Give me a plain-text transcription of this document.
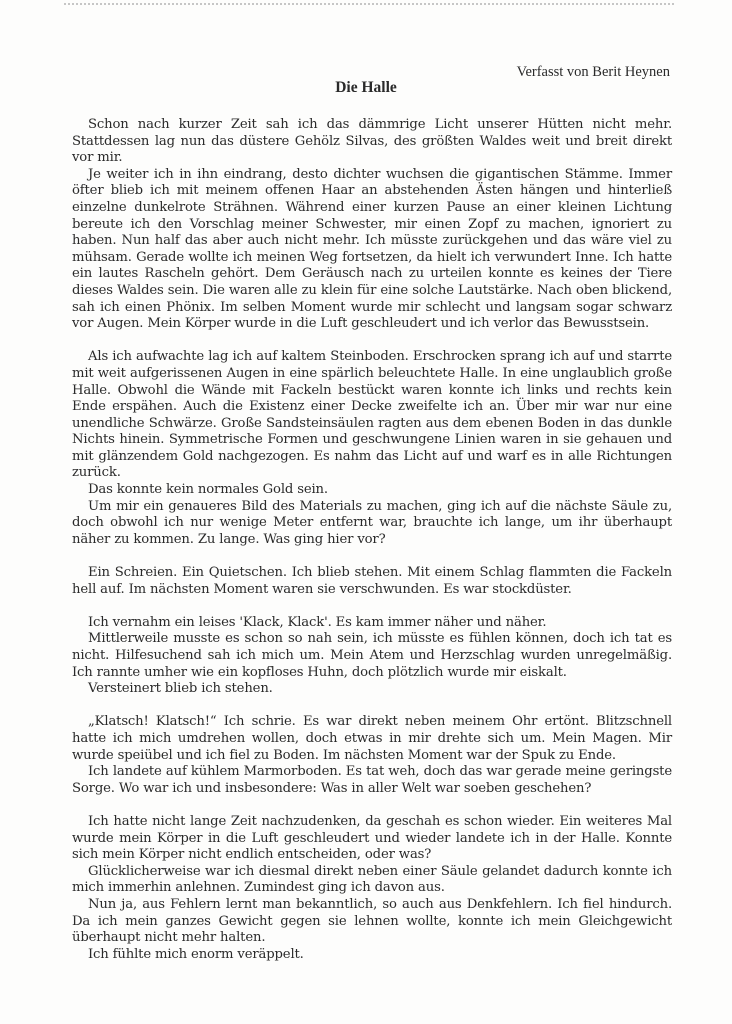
Verfasst von Berit Heynen
Die Halle

Schon nach kurzer Zeit sah ich das dämmrige Licht unserer Hütten nicht mehr. Stattdessen lag nun das düstere Gehölz Silvas, des größten Waldes weit und breit direkt vor mir.

Je weiter ich in ihn eindrang, desto dichter wuchsen die gigantischen Stämme. Immer öfter blieb ich mit meinem offenen Haar an abstehenden Ästen hängen und hinterließ einzelne dunkelrote Strähnen. Während einer kurzen Pause an einer kleinen Lichtung bereute ich den Vorschlag meiner Schwester, mir einen Zopf zu machen, ignoriert zu haben. Nun half das aber auch nicht mehr. Ich müsste zurückgehen und das wäre viel zu mühsam. Gerade wollte ich meinen Weg fortsetzen, da hielt ich verwundert Inne. Ich hatte ein lautes Rascheln gehört. Dem Geräusch nach zu urteilen konnte es keines der Tiere dieses Waldes sein. Die waren alle zu klein für eine solche Lautstärke. Nach oben blickend, sah ich einen Phönix. Im selben Moment wurde mir schlecht und langsam sogar schwarz vor Augen. Mein Körper wurde in die Luft geschleudert und ich verlor das Bewusstsein.

Als ich aufwachte lag ich auf kaltem Steinboden. Erschrocken sprang ich auf und starrte mit weit aufgerissenen Augen in eine spärlich beleuchtete Halle. In eine unglaublich große Halle. Obwohl die Wände mit Fackeln bestückt waren konnte ich links und rechts kein Ende erspähen. Auch die Existenz einer Decke zweifelte ich an. Über mir war nur eine unendliche Schwärze. Große Sandsteinsäulen ragten aus dem ebenen Boden in das dunkle Nichts hinein. Symmetrische Formen und geschwungene Linien waren in sie gehauen und mit glänzendem Gold nachgezogen. Es nahm das Licht auf und warf es in alle Richtungen zurück.

Das konnte kein normales Gold sein.

Um mir ein genaueres Bild des Materials zu machen, ging ich auf die nächste Säule zu, doch obwohl ich nur wenige Meter entfernt war, brauchte ich lange, um ihr überhaupt näher zu kommen. Zu lange. Was ging hier vor?

Ein Schreien. Ein Quietschen. Ich blieb stehen. Mit einem Schlag flammten die Fackeln hell auf. Im nächsten Moment waren sie verschwunden. Es war stockdüster.

Ich vernahm ein leises 'Klack, Klack'. Es kam immer näher und näher.

Mittlerweile musste es schon so nah sein, ich müsste es fühlen können, doch ich tat es nicht. Hilfesuchend sah ich mich um. Mein Atem und Herzschlag wurden unregelmäßig. Ich rannte umher wie ein kopfloses Huhn, doch plötzlich wurde mir eiskalt.

Versteinert blieb ich stehen.

„Klatsch! Klatsch!“ Ich schrie. Es war direkt neben meinem Ohr ertönt. Blitzschnell hatte ich mich umdrehen wollen, doch etwas in mir drehte sich um. Mein Magen. Mir wurde speiübel und ich fiel zu Boden. Im nächsten Moment war der Spuk zu Ende.

Ich landete auf kühlem Marmorboden. Es tat weh, doch das war gerade meine geringste Sorge. Wo war ich und insbesondere: Was in aller Welt war soeben geschehen?

Ich hatte nicht lange Zeit nachzudenken, da geschah es schon wieder. Ein weiteres Mal wurde mein Körper in die Luft geschleudert und wieder landete ich in der Halle. Konnte sich mein Körper nicht endlich entscheiden, oder was?

Glücklicherweise war ich diesmal direkt neben einer Säule gelandet dadurch konnte ich mich immerhin anlehnen. Zumindest ging ich davon aus.

Nun ja, aus Fehlern lernt man bekanntlich, so auch aus Denkfehlern. Ich fiel hindurch. Da ich mein ganzes Gewicht gegen sie lehnen wollte, konnte ich mein Gleichgewicht überhaupt nicht mehr halten.

Ich fühlte mich enorm veräppelt.
